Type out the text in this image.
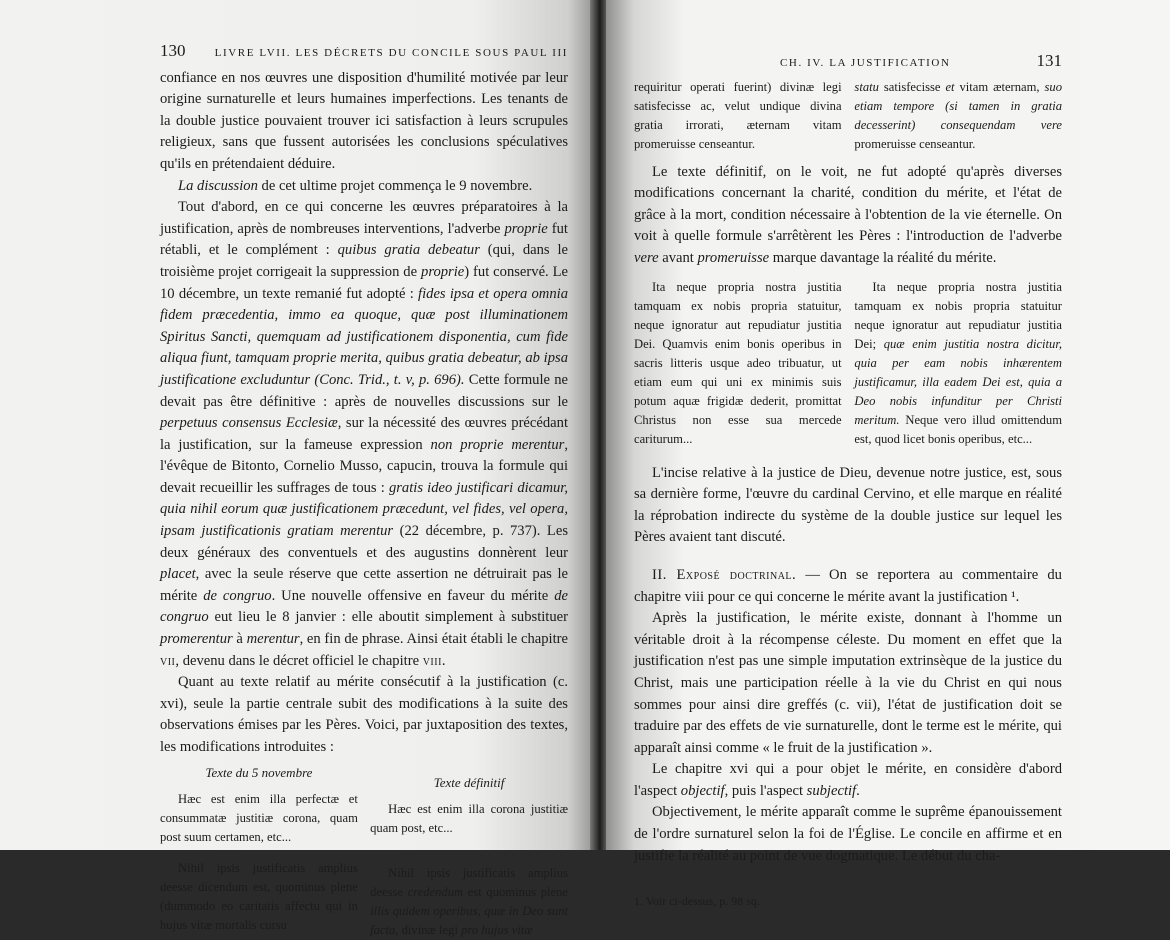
130	LIVRE LVII. LES DÉCRETS DU CONCILE SOUS PAUL III

confiance en nos œuvres une disposition d'humilité motivée par leur origine surnaturelle et leurs humaines imperfections. Les tenants de la double justice pouvaient trouver ici satisfaction à leurs scrupules religieux, sans que fussent autorisées les conclusions spéculatives qu'ils en prétendaient déduire.

La discussion de cet ultime projet commença le 9 novembre.

Tout d'abord, en ce qui concerne les œuvres préparatoires à la justification, après de nombreuses interventions, l'adverbe proprie fut rétabli, et le complément : quibus gratia debeatur (qui, dans le troisième projet corrigeait la suppression de proprie) fut conservé. Le 10 décembre, un texte remanié fut adopté : fides ipsa et opera omnia fidem præcedentia, immo ea quoque, quæ post illuminationem Spiritus Sancti, quemquam ad justificationem disponentia, cum fide aliqua fiunt, tamquam proprie merita, quibus gratia debeatur, ab ipsa justificatione excluduntur (Conc. Trid., t. v, p. 696). Cette formule ne devait pas être définitive : après de nouvelles discussions sur le perpetuus consensus Ecclesiæ, sur la nécessité des œuvres précédant la justification, sur la fameuse expression non proprie merentur, l'évêque de Bitonto, Cornelio Musso, capucin, trouva la formule qui devait recueillir les suffrages de tous : gratis ideo justificari dicamur, quia nihil eorum quæ justificationem præcedunt, vel fides, vel opera, ipsam justificationis gratiam merentur (22 décembre, p. 737). Les deux généraux des conventuels et des augustins donnèrent leur placet, avec la seule réserve que cette assertion ne détruirait pas le mérite de congruo. Une nouvelle offensive en faveur du mérite de congruo eut lieu le 8 janvier : elle aboutit simplement à substituer promerentur à merentur, en fin de phrase. Ainsi était établi le chapitre vii, devenu dans le décret officiel le chapitre viii.

Quant au texte relatif au mérite consécutif à la justification (c. xvi), seule la partie centrale subit des modifications à la suite des observations émises par les Pères. Voici, par juxtaposition des textes, les modifications introduites :

Texte du 5 novembre

Hæc est enim illa perfectæ et consummatæ justitiæ corona, quam post suum certamen, etc...

Nihil ipsis justificatis amplius deesse dicendum est, quominus plene (dummodo eo caritatis affectu qui in hujus vitæ mortalis cursu

Texte définitif

Hæc est enim illa corona justitiæ quam post, etc...

Nihil ipsis justificatis amplius deesse credendum est quominus plene illis quidem operibus, quæ in Deo sunt facta, divinæ legi pro hujus vitæ

CH. IV. LA JUSTIFICATION	131

requiritur operati fuerint) divinæ legi satisfecisse ac, velut undique divina gratia irrorati, æternam vitam promeruisse censeantur.

statu satisfecisse et vitam æternam, suo etiam tempore (si tamen in gratia decesserint) consequendam vere promeruisse censeantur.

Le texte définitif, on le voit, ne fut adopté qu'après diverses modifications concernant la charité, condition du mérite, et l'état de grâce à la mort, condition nécessaire à l'obtention de la vie éternelle. On voit à quelle formule s'arrêtèrent les Pères : l'introduction de l'adverbe vere avant promeruisse marque davantage la réalité du mérite.

Ita neque propria nostra justitia tamquam ex nobis propria statuitur, neque ignoratur aut repudiatur justitia Dei. Quamvis enim bonis operibus in sacris litteris usque adeo tribuatur, ut etiam eum qui uni ex minimis suis potum aquæ frigidæ dederit, promittat Christus non esse sua mercede cariturum...

Ita neque propria nostra justitia tamquam ex nobis propria statuitur neque ignoratur aut repudiatur justitia Dei; quæ enim justitia nostra dicitur, quia per eam nobis inhærentem justificamur, illa eadem Dei est, quia a Deo nobis infunditur per Christi meritum. Neque vero illud omittendum est, quod licet bonis operibus, etc...

L'incise relative à la justice de Dieu, devenue notre justice, est, sous sa dernière forme, l'œuvre du cardinal Cervino, et elle marque en réalité la réprobation indirecte du système de la double justice sur lequel les Pères avaient tant discuté.

II. Exposé doctrinal. — On se reportera au commentaire du chapitre viii pour ce qui concerne le mérite avant la justification ¹.

Après la justification, le mérite existe, donnant à l'homme un véritable droit à la récompense céleste. Du moment en effet que la justification n'est pas une simple imputation extrinsèque de la justice du Christ, mais une participation réelle à la vie du Christ en qui nous sommes pour ainsi dire greffés (c. vii), l'état de justification doit se traduire par des effets de vie surnaturelle, dont le terme est le mérite, qui apparaît ainsi comme « le fruit de la justification ».

Le chapitre xvi qui a pour objet le mérite, en considère d'abord l'aspect objectif, puis l'aspect subjectif.

Objectivement, le mérite apparaît comme le suprême épanouissement de l'ordre surnaturel selon la foi de l'Église. Le concile en affirme et en justifie la réalité au point de vue dogmatique. Le début du cha-

1. Voir ci-dessus, p. 98 sq.
